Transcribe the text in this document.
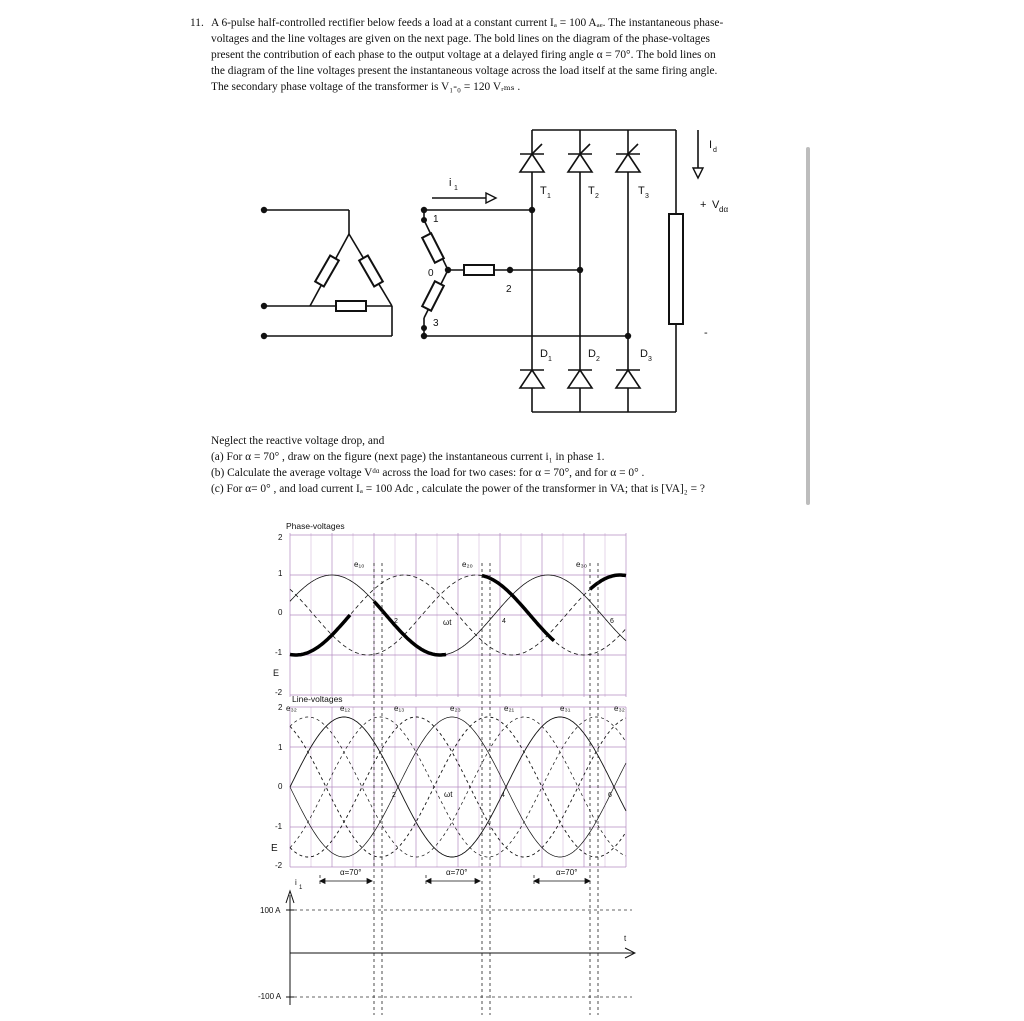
11. A 6-pulse half-controlled rectifier below feeds a load at a constant current Iₐ = 100 Aₐₑ. The instantaneous phase-

voltages and the line voltages are given on the next page. The bold lines on the diagram of the phase-voltages

present the contribution of each phase to the output voltage at a delayed firing angle α = 70°. The bold lines on

the diagram of the line voltages present the instantaneous voltage across the load itself at the same firing angle.

The secondary phase voltage of the transformer is V₁-₀ = 120 Vᵣₘₛ .

i 1
I d
+ V dα
-
1
0
2
3
T 1	T 2	T 3
D 1	D 2	D 3

Neglect the reactive voltage drop, and

(a) For α = 70° , draw on the figure (next page) the instantaneous current i₁ in phase 1.

(b) Calculate the average voltage Vᵈᵅ across the load for two cases: for α = 70°, and for α = 0° .

(c) For α= 0° , and load current Iₐ = 100 Adc , calculate the power of the transformer in VA; that is [VA]₂ = ?

Phase-voltages
2
1
0
-1
-2
e₁₀	e₂₀	e₃₀
ωt
2	4	6
E
Line-voltages
2
1
0
-1
-2
e₃₂	e₁₂	e₁₃	e₂₃	e₂₁	e₃₁	e₃₂
ωt
2	4	6
E
α=70°	α=70°	α=70°
100 A
-100 A
i
1
t
